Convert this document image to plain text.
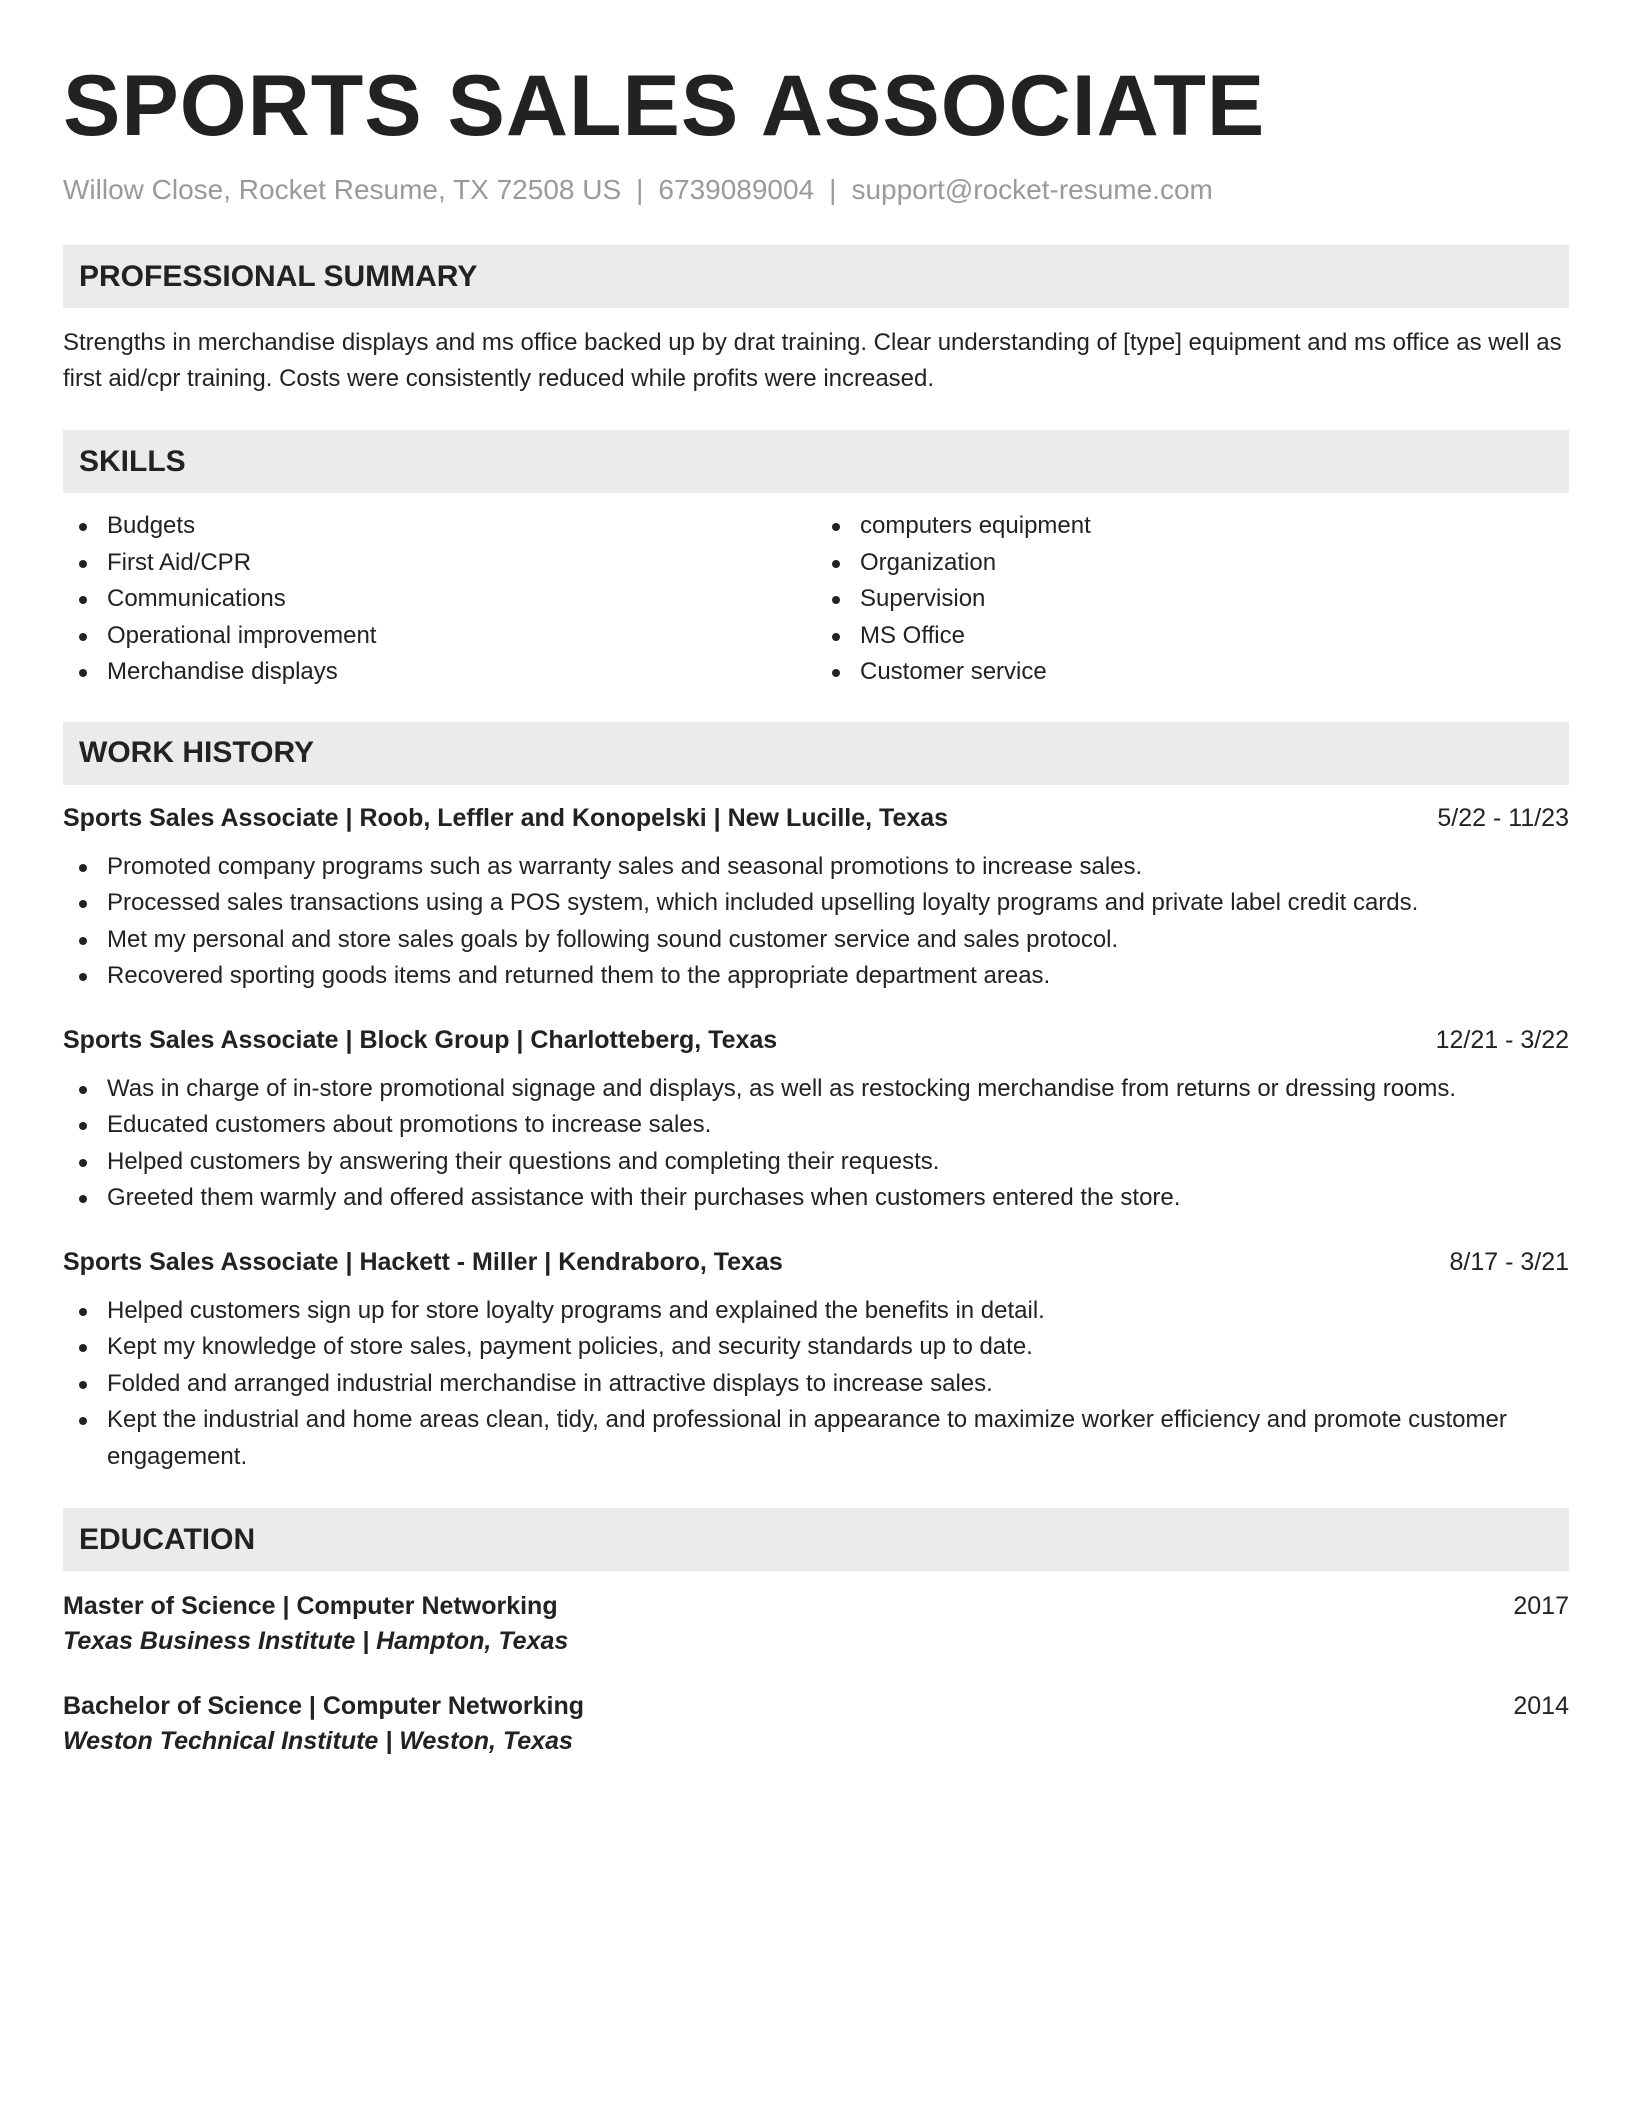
SPORTS SALES ASSOCIATE
Willow Close, Rocket Resume, TX 72508 US | 6739089004 | support@rocket-resume.com
PROFESSIONAL SUMMARY

Strengths in merchandise displays and ms office backed up by drat training. Clear understanding of [type] equipment and ms office as well as first aid/cpr training. Costs were consistently reduced while profits were increased.

SKILLS
Budgets
First Aid/CPR
Communications
Operational improvement
Merchandise displays
computers equipment
Organization
Supervision
MS Office
Customer service
WORK HISTORY
Sports Sales Associate | Roob, Leffler and Konopelski | New Lucille, Texas	5/22 - 11/23
Promoted company programs such as warranty sales and seasonal promotions to increase sales.
Processed sales transactions using a POS system, which included upselling loyalty programs and private label credit cards.
Met my personal and store sales goals by following sound customer service and sales protocol.
Recovered sporting goods items and returned them to the appropriate department areas.
Sports Sales Associate | Block Group | Charlotteberg, Texas	12/21 - 3/22
Was in charge of in-store promotional signage and displays, as well as restocking merchandise from returns or dressing rooms.
Educated customers about promotions to increase sales.
Helped customers by answering their questions and completing their requests.
Greeted them warmly and offered assistance with their purchases when customers entered the store.
Sports Sales Associate | Hackett - Miller | Kendraboro, Texas	8/17 - 3/21
Helped customers sign up for store loyalty programs and explained the benefits in detail.
Kept my knowledge of store sales, payment policies, and security standards up to date.
Folded and arranged industrial merchandise in attractive displays to increase sales.
Kept the industrial and home areas clean, tidy, and professional in appearance to maximize worker efficiency and promote customer engagement.
EDUCATION
Master of Science | Computer Networking	2017
Texas Business Institute | Hampton, Texas
Bachelor of Science | Computer Networking	2014
Weston Technical Institute | Weston, Texas
